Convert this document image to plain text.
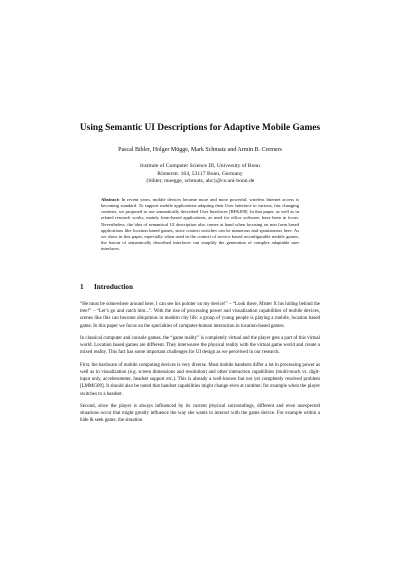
Using Semantic UI Descriptions for Adaptive Mobile Games
Pascal Bihler, Holger Mügge, Mark Schmatz and Armin B. Cremers
Institute of Computer Science III, University of Bonn
Römerstr. 164, 53117 Bonn, Germany
{bihler, muegge, schmatz, abc}@cs.uni-bonn.de
Abstract: In recent years, mobile devices became more and more powerful, wireless Internet access is becoming standard. To support mobile applications adapting their User Interface to various, fast changing contexts, we proposed to use semantically described User Interfaces [BFKJ08]. In that paper, as well as in related research works, mainly form-based applications, as used for office software, have been in focus. Nevertheless, the idea of semantical UI description also comes at hand when focusing on non form based applications like location based games, since context switches can be numerous and spontaneous here. As we show in this paper, especially when used in the context of service based reconfigurable mobile games, the fusion of semantically described interfaces can simplify the generation of complex adaptable user interfaces.
1 Introduction

“He must be somewhere around here, I can see his pointer on my device!” – “Look there, Mister X his hiding behind the tree!” – “Let’s go and catch him...”. With the rise of processing power and visualization capabilities of mobile devices, scenes like this can become ubiquitous in modern city life: a group of young people is playing a mobile, location based game. In this paper we focus on the specialties of computer-human interaction in location-based games.

In classical computer and console games, the “game reality” is completely virtual and the player gets a part of this virtual world. Location based games are different. They interweave the physical reality with the virtual game world and create a mixed reality. This fact has some important challenges for UI design as we perceived in our research.

First, the hardware of mobile computing devices is very diverse. Most mobile handsets differ a lot in processing power as well as in visualization (e.g. screen dimensions and resolution) and other interaction capabilities (multi-touch vs. digit-input only, accelerometer, headset support etc.). This is already a well-known but not yet completely resolved problem [LMMG09]. It should also be noted that handset capabilities might change even at runtime: for example when the player switches to a headset.

Second, since the player is always influenced by its current physical surroundings, different and even unexpected situations occur that might greatly influence the way she wants to interact with the game device. For example within a hide & seek game, the situation
